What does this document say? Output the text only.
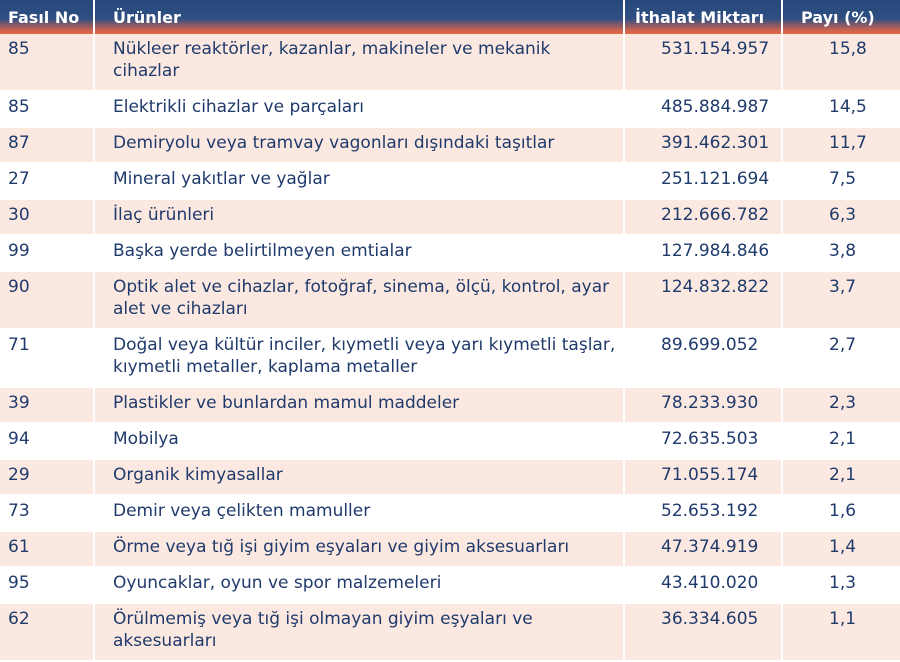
Fasıl No	Ürünler	İthalat Miktarı	Payı (%)
85	Nükleer reaktörler, kazanlar, makineler ve mekanik cihazlar	531.154.957	15,8
85	Elektrikli cihazlar ve parçaları	485.884.987	14,5
87	Demiryolu veya tramvay vagonları dışındaki taşıtlar	391.462.301	11,7
27	Mineral yakıtlar ve yağlar	251.121.694	7,5
30	İlaç ürünleri	212.666.782	6,3
99	Başka yerde belirtilmeyen emtialar	127.984.846	3,8
90	Optik alet ve cihazlar, fotoğraf, sinema, ölçü, kontrol, ayar alet ve cihazları	124.832.822	3,7
71	Doğal veya kültür inciler, kıymetli veya yarı kıymetli taşlar, kıymetli metaller, kaplama metaller	89.699.052	2,7
39	Plastikler ve bunlardan mamul maddeler	78.233.930	2,3
94	Mobilya	72.635.503	2,1
29	Organik kimyasallar	71.055.174	2,1
73	Demir veya çelikten mamuller	52.653.192	1,6
61	Örme veya tığ işi giyim eşyaları ve giyim aksesuarları	47.374.919	1,4
95	Oyuncaklar, oyun ve spor malzemeleri	43.410.020	1,3
62	Örülmemiş veya tığ işi olmayan giyim eşyaları ve aksesuarları	36.334.605	1,1
